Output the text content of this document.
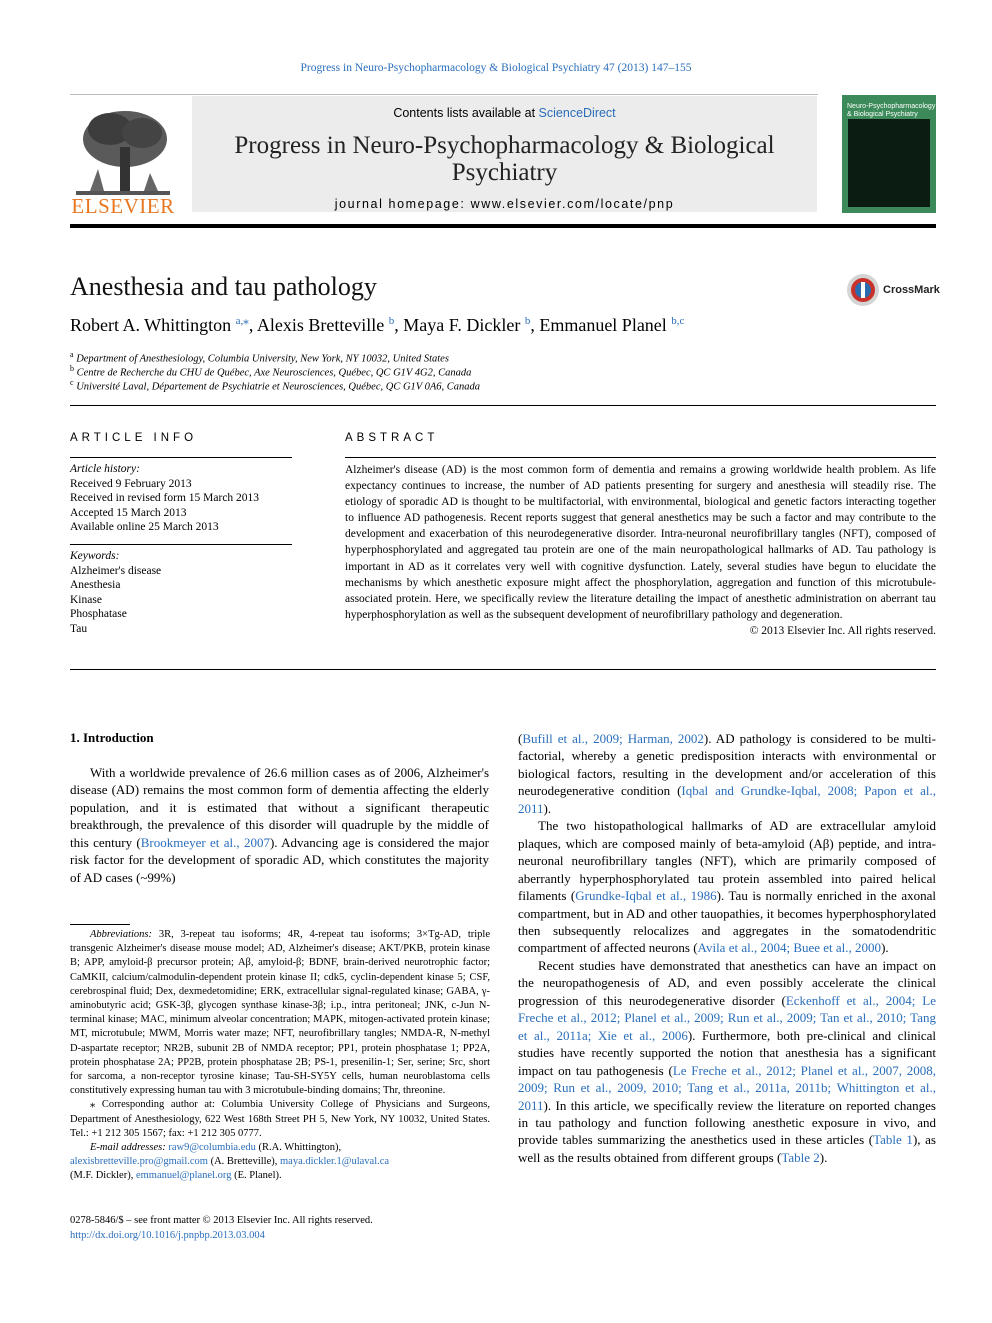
Progress in Neuro-Psychopharmacology & Biological Psychiatry 47 (2013) 147–155
ELSEVIER
Contents lists available at ScienceDirect
Progress in Neuro-Psychopharmacology & Biological Psychiatry
journal homepage: www.elsevier.com/locate/pnp
Neuro-Psychopharmacology & Biological Psychiatry
Anesthesia and tau pathology	CrossMark
Robert A. Whittington $^{a,⁎}$, Alexis Bretteville $^b$, Maya F. Dickler $^b$, Emmanuel Planel $^{b,c}$
$^a$ Department of Anesthesiology, Columbia University, New York, NY 10032, United States
$^b$ Centre de Recherche du CHU de Québec, Axe Neurosciences, Québec, QC G1V 4G2, Canada
$^c$ Université Laval, Département de Psychiatrie et Neurosciences, Québec, QC G1V 0A6, Canada
ARTICLE INFO
Article history:
Received 9 February 2013
Received in revised form 15 March 2013
Accepted 15 March 2013
Available online 25 March 2013
Keywords:
Alzheimer's disease
Anesthesia
Kinase
Phosphatase
Tau
ABSTRACT
Alzheimer's disease (AD) is the most common form of dementia and remains a growing worldwide health problem. As life expectancy continues to increase, the number of AD patients presenting for surgery and anesthesia will steadily rise. The etiology of sporadic AD is thought to be multifactorial, with environmental, biological and genetic factors interacting together to influence AD pathogenesis. Recent reports suggest that general anesthetics may be such a factor and may contribute to the development and exacerbation of this neurodegenerative disorder. Intra-neuronal neurofibrillary tangles (NFT), composed of hyperphosphorylated and aggregated tau protein are one of the main neuropathological hallmarks of AD. Tau pathology is important in AD as it correlates very well with cognitive dysfunction. Lately, several studies have begun to elucidate the mechanisms by which anesthetic exposure might affect the phosphorylation, aggregation and function of this microtubule-associated protein. Here, we specifically review the literature detailing the impact of anesthetic administration on aberrant tau hyperphosphorylation as well as the subsequent development of neurofibrillary pathology and degeneration.
© 2013 Elsevier Inc. All rights reserved.
1. Introduction

With a worldwide prevalence of 26.6 million cases as of 2006, Alzheimer's disease (AD) remains the most common form of dementia affecting the elderly population, and it is estimated that without a significant therapeutic breakthrough, the prevalence of this disorder will quadruple by the middle of this century (Brookmeyer et al., 2007). Advancing age is considered the major risk factor for the development of sporadic AD, which constitutes the majority of AD cases (~99%)

Abbreviations: 3R, 3-repeat tau isoforms; 4R, 4-repeat tau isoforms; 3×Tg-AD, triple transgenic Alzheimer's disease mouse model; AD, Alzheimer's disease; AKT/PKB, protein kinase B; APP, amyloid-β precursor protein; Aβ, amyloid-β; BDNF, brain-derived neurotrophic factor; CaMKII, calcium/calmodulin-dependent protein kinase II; cdk5, cyclin-dependent kinase 5; CSF, cerebrospinal fluid; Dex, dexmedetomidine; ERK, extracellular signal-regulated kinase; GABA, γ-aminobutyric acid; GSK-3β, glycogen synthase kinase-3β; i.p., intra peritoneal; JNK, c-Jun N-terminal kinase; MAC, minimum alveolar concentration; MAPK, mitogen-activated protein kinase; MT, microtubule; MWM, Morris water maze; NFT, neurofibrillary tangles; NMDA-R, N-methyl D-aspartate receptor; NR2B, subunit 2B of NMDA receptor; PP1, protein phosphatase 1; PP2A, protein phosphatase 2A; PP2B, protein phosphatase 2B; PS-1, presenilin-1; Ser, serine; Src, short for sarcoma, a non-receptor tyrosine kinase; Tau-SH-SY5Y cells, human neuroblastoma cells constitutively expressing human tau with 3 microtubule-binding domains; Thr, threonine.

⁎ Corresponding author at: Columbia University College of Physicians and Surgeons, Department of Anesthesiology, 622 West 168th Street PH 5, New York, NY 10032, United States. Tel.: +1 212 305 1567; fax: +1 212 305 0777.

E-mail addresses: raw9@columbia.edu (R.A. Whittington),
alexisbretteville.pro@gmail.com (A. Bretteville), maya.dickler.1@ulaval.ca
(M.F. Dickler), emmanuel@planel.org (E. Planel).

0278-5846/$ – see front matter © 2013 Elsevier Inc. All rights reserved.
http://dx.doi.org/10.1016/j.pnpbp.2013.03.004

(Bufill et al., 2009; Harman, 2002). AD pathology is considered to be multi-factorial, whereby a genetic predisposition interacts with environmental or biological factors, resulting in the development and/or acceleration of this neurodegenerative condition (Iqbal and Grundke-Iqbal, 2008; Papon et al., 2011).

The two histopathological hallmarks of AD are extracellular amyloid plaques, which are composed mainly of beta-amyloid (Aβ) peptide, and intra-neuronal neurofibrillary tangles (NFT), which are primarily composed of aberrantly hyperphosphorylated tau protein assembled into paired helical filaments (Grundke-Iqbal et al., 1986). Tau is normally enriched in the axonal compartment, but in AD and other tauopathies, it becomes hyperphosphorylated then subsequently relocalizes and aggregates in the somatodendritic compartment of affected neurons (Avila et al., 2004; Buee et al., 2000).

Recent studies have demonstrated that anesthetics can have an impact on the neuropathogenesis of AD, and even possibly accelerate the clinical progression of this neurodegenerative disorder (Eckenhoff et al., 2004; Le Freche et al., 2012; Planel et al., 2009; Run et al., 2009; Tan et al., 2010; Tang et al., 2011a; Xie et al., 2006). Furthermore, both pre-clinical and clinical studies have recently supported the notion that anesthesia has a significant impact on tau pathogenesis (Le Freche et al., 2012; Planel et al., 2007, 2008, 2009; Run et al., 2009, 2010; Tang et al., 2011a, 2011b; Whittington et al., 2011). In this article, we specifically review the literature on reported changes in tau pathology and function following anesthetic exposure in vivo, and provide tables summarizing the anesthetics used in these articles (Table 1), as well as the results obtained from different groups (Table 2).
